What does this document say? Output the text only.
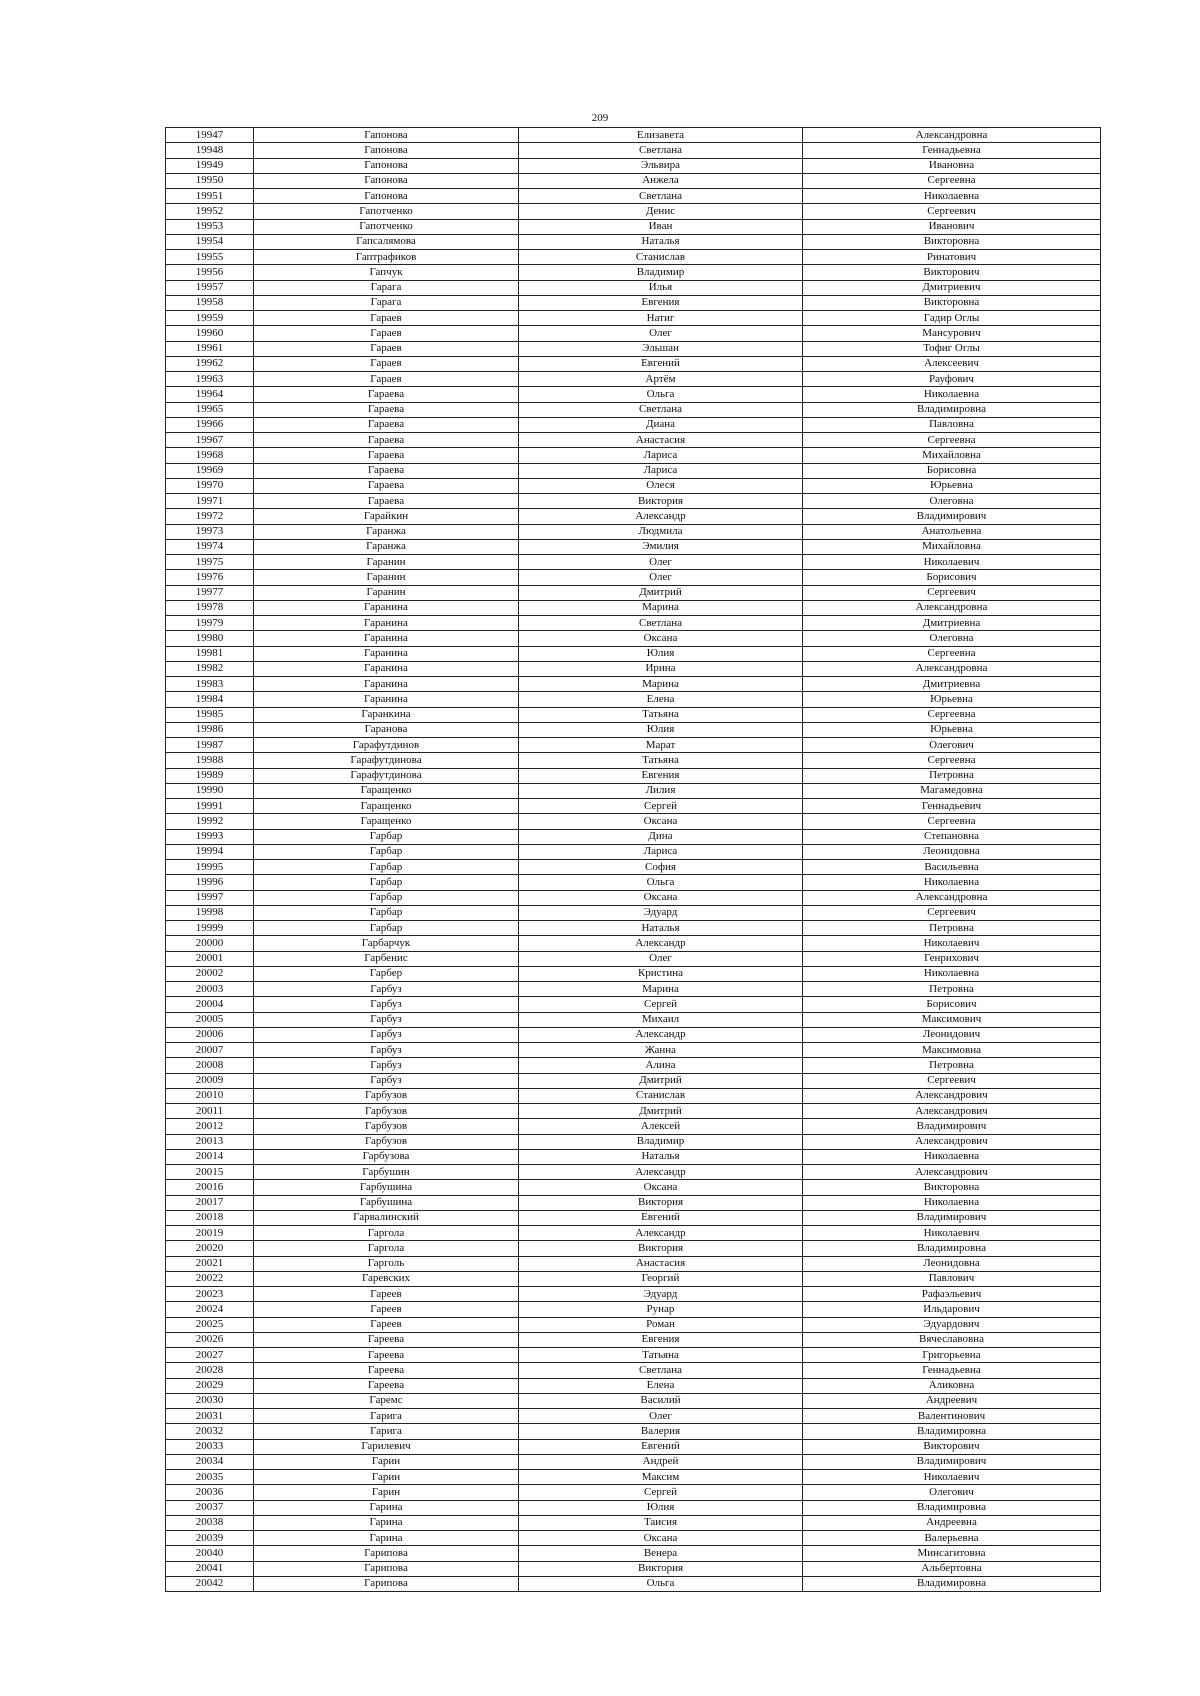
209
19947	Гапонова	Елизавета	Александровна
19948	Гапонова	Светлана	Геннадьевна
19949	Гапонова	Эльвира	Ивановна
19950	Гапонова	Анжела	Сергеевна
19951	Гапонова	Светлана	Николаевна
19952	Гапотченко	Денис	Сергеевич
19953	Гапотченко	Иван	Иванович
19954	Гапсалямова	Наталья	Викторовна
19955	Гаптрафиков	Станислав	Ринатович
19956	Гапчук	Владимир	Викторович
19957	Гарага	Илья	Дмитриевич
19958	Гарага	Евгения	Викторовна
19959	Гараев	Натиг	Гадир Оглы
19960	Гараев	Олег	Мансурович
19961	Гараев	Эльшан	Тофиг Оглы
19962	Гараев	Евгений	Алексеевич
19963	Гараев	Артём	Рауфович
19964	Гараева	Ольга	Николаевна
19965	Гараева	Светлана	Владимировна
19966	Гараева	Диана	Павловна
19967	Гараева	Анастасия	Сергеевна
19968	Гараева	Лариса	Михайловна
19969	Гараева	Лариса	Борисовна
19970	Гараева	Олеся	Юрьевна
19971	Гараева	Виктория	Олеговна
19972	Гарайкин	Александр	Владимирович
19973	Гаранжа	Людмила	Анатольевна
19974	Гаранжа	Эмилия	Михайловна
19975	Гаранин	Олег	Николаевич
19976	Гаранин	Олег	Борисович
19977	Гаранин	Дмитрий	Сергеевич
19978	Гаранина	Марина	Александровна
19979	Гаранина	Светлана	Дмитриевна
19980	Гаранина	Оксана	Олеговна
19981	Гаранина	Юлия	Сергеевна
19982	Гаранина	Ирина	Александровна
19983	Гаранина	Марина	Дмитриевна
19984	Гаранина	Елена	Юрьевна
19985	Гаранкина	Татьяна	Сергеевна
19986	Гаранова	Юлия	Юрьевна
19987	Гарафутдинов	Марат	Олегович
19988	Гарафутдинова	Татьяна	Сергеевна
19989	Гарафутдинова	Евгения	Петровна
19990	Гаращенко	Лилия	Магамедовна
19991	Гаращенко	Сергей	Геннадьевич
19992	Гаращенко	Оксана	Сергеевна
19993	Гарбар	Дина	Степановна
19994	Гарбар	Лариса	Леонидовна
19995	Гарбар	София	Васильевна
19996	Гарбар	Ольга	Николаевна
19997	Гарбар	Оксана	Александровна
19998	Гарбар	Эдуард	Сергеевич
19999	Гарбар	Наталья	Петровна
20000	Гарбарчук	Александр	Николаевич
20001	Гарбенис	Олег	Генрихович
20002	Гарбер	Кристина	Николаевна
20003	Гарбуз	Марина	Петровна
20004	Гарбуз	Сергей	Борисович
20005	Гарбуз	Михаил	Максимович
20006	Гарбуз	Александр	Леонидович
20007	Гарбуз	Жанна	Максимовна
20008	Гарбуз	Алина	Петровна
20009	Гарбуз	Дмитрий	Сергеевич
20010	Гарбузов	Станислав	Александрович
20011	Гарбузов	Дмитрий	Александрович
20012	Гарбузов	Алексей	Владимирович
20013	Гарбузов	Владимир	Александрович
20014	Гарбузова	Наталья	Николаевна
20015	Гарбушин	Александр	Александрович
20016	Гарбушина	Оксана	Викторовна
20017	Гарбушина	Виктория	Николаевна
20018	Гарвалинский	Евгений	Владимирович
20019	Гаргола	Александр	Николаевич
20020	Гаргола	Виктория	Владимировна
20021	Гарголь	Анастасия	Леонидовна
20022	Гаревских	Георгий	Павлович
20023	Гареев	Эдуард	Рафаэльевич
20024	Гареев	Рунар	Ильдарович
20025	Гареев	Роман	Эдуардович
20026	Гареева	Евгения	Вячеславовна
20027	Гареева	Татьяна	Григорьевна
20028	Гареева	Светлана	Геннадьевна
20029	Гареева	Елена	Аликовна
20030	Гаремс	Василий	Андреевич
20031	Гарига	Олег	Валентинович
20032	Гарига	Валерия	Владимировна
20033	Гарилевич	Евгений	Викторович
20034	Гарин	Андрей	Владимирович
20035	Гарин	Максим	Николаевич
20036	Гарин	Сергей	Олегович
20037	Гарина	Юлия	Владимировна
20038	Гарина	Таисия	Андреевна
20039	Гарина	Оксана	Валерьевна
20040	Гарипова	Венера	Минсагитовна
20041	Гарипова	Виктория	Альбертовна
20042	Гарипова	Ольга	Владимировна
